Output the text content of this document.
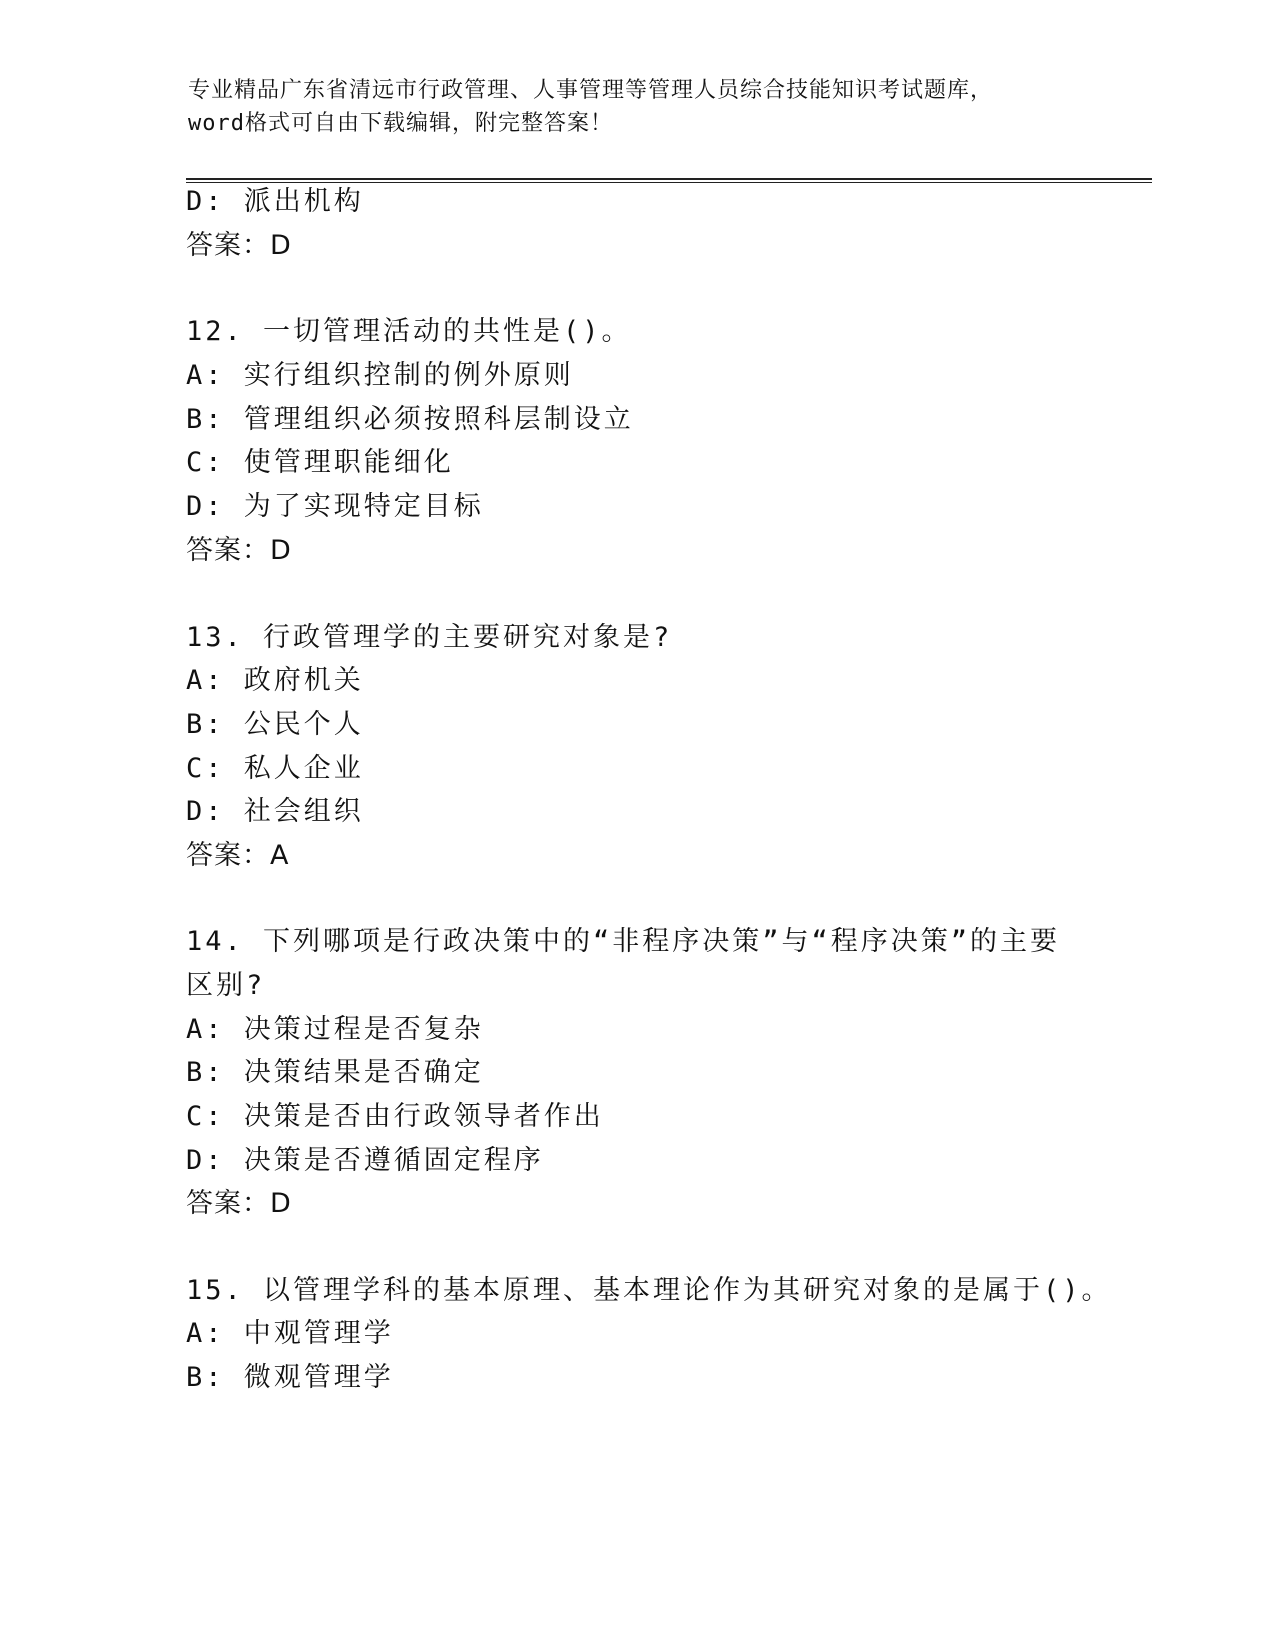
专业精品广东省清远市行政管理、人事管理等管理人员综合技能知识考试题库，
word格式可自由下载编辑，附完整答案！
D: 派出机构
答案：D
12. 一切管理活动的共性是()。
A: 实行组织控制的例外原则
B: 管理组织必须按照科层制设立
C: 使管理职能细化
D: 为了实现特定目标
答案：D
13. 行政管理学的主要研究对象是?
A: 政府机关
B: 公民个人
C: 私人企业
D: 社会组织
答案：A
14. 下列哪项是行政决策中的“非程序决策”与“程序决策”的主要
区别?
A: 决策过程是否复杂
B: 决策结果是否确定
C: 决策是否由行政领导者作出
D: 决策是否遵循固定程序
答案：D
15. 以管理学科的基本原理、基本理论作为其研究对象的是属于()。
A: 中观管理学
B: 微观管理学
